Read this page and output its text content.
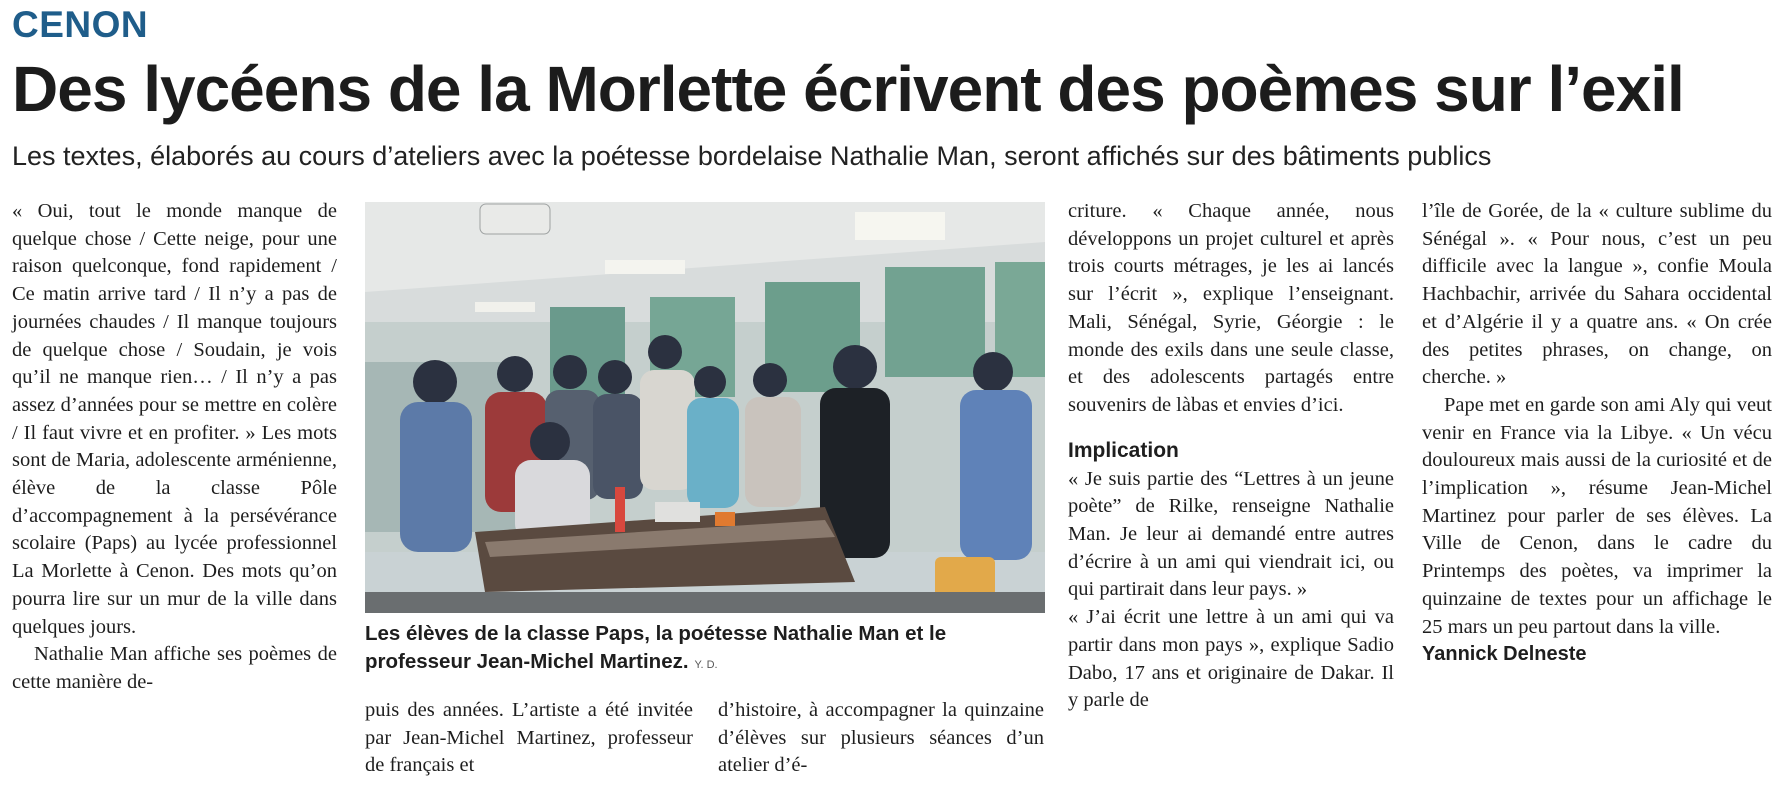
CENON
Des lycéens de la Morlette écrivent des poèmes sur l’exil
Les textes, élaborés au cours d’ateliers avec la poétesse bordelaise Nathalie Man, seront affichés sur des bâtiments publics

« Oui, tout le monde manque de quelque chose / Cette neige, pour une raison quelconque, fond rapidement / Ce matin arrive tard / Il n’y a pas de journées chaudes / Il manque toujours de quelque chose / Soudain, je vois qu’il ne manque rien… / Il n’y a pas assez d’années pour se mettre en colère / Il faut vivre et en profiter. » Les mots sont de Maria, adolescente arménienne, élève de la classe Pôle d’accompagnement à la persévérance scolaire (Paps) au lycée professionnel La Morlette à Cenon. Des mots qu’on pourra lire sur un mur de la ville dans quelques jours.

Nathalie Man affiche ses poèmes de cette manière de-

Les élèves de la classe Paps, la poétesse Nathalie Man et le professeur Jean-Michel Martinez. Y. D.

puis des années. L’artiste a été invitée par Jean-Michel Martinez, professeur de français et

d’histoire, à accompagner la quinzaine d’élèves sur plusieurs séances d’un atelier d’é-

criture. « Chaque année, nous développons un projet culturel et après trois courts métrages, je les ai lancés sur l’écrit », explique l’enseignant. Mali, Sénégal, Syrie, Géorgie : le monde des exils dans une seule classe, et des adolescents partagés entre souvenirs de làbas et envies d’ici.

Implication

« Je suis partie des “Lettres à un jeune poète” de Rilke, renseigne Nathalie Man. Je leur ai demandé entre autres d’écrire à un ami qui viendrait ici, ou qui partirait dans leur pays. »

« J’ai écrit une lettre à un ami qui va partir dans mon pays », explique Sadio Dabo, 17 ans et originaire de Dakar. Il y parle de

l’île de Gorée, de la « culture sublime du Sénégal ». « Pour nous, c’est un peu difficile avec la langue », confie Moula Hachbachir, arrivée du Sahara occidental et d’Algérie il y a quatre ans. « On crée des petites phrases, on change, on cherche. »

Pape met en garde son ami Aly qui veut venir en France via la Libye. « Un vécu douloureux mais aussi de la curiosité et de l’implication », résume Jean-Michel Martinez pour parler de ses élèves. La Ville de Cenon, dans le cadre du Printemps des poètes, va imprimer la quinzaine de textes pour un affichage le 25 mars un peu partout dans la ville.

Yannick Delneste
